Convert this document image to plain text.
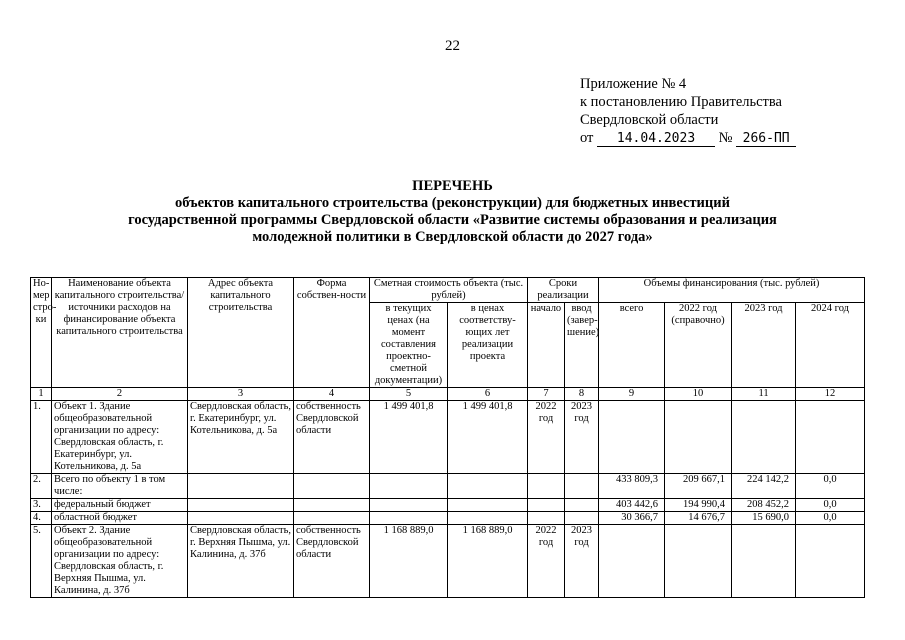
22
Приложение № 4
к постановлению Правительства
Свердловской области
от 14.04.2023 № 266-ПП
ПЕРЕЧЕНЬ
объектов капитального строительства (реконструкции) для бюджетных инвестиций
государственной программы Свердловской области «Развитие системы образования и реализация
молодежной политики в Свердловской области до 2027 года»
Но-мер стро-ки	Наименование объекта капитального строительства/источники расходов на финансирование объекта капитального строительства	Адрес объекта капитального строительства	Форма собствен-ности	Сметная стоимость объекта (тыс. рублей)		Сроки реализации		Объемы финансирования (тыс. рублей)			
				в текущих ценах (на момент составления проектно-сметной документации)	в ценах соответству-ющих лет реализации проекта	начало	ввод (завер-шение)	всего	2022 год (справочно)	2023 год	2024 год
1	2	3	4	5	6	7	8	9	10	11	12
1.	Объект 1. Здание общеобразовательной организации по адресу: Свердловская область, г. Екатеринбург, ул. Котельникова, д. 5а	Свердловская область, г. Екатеринбург, ул. Котельникова, д. 5а	собственность Свердловской области	1 499 401,8	1 499 401,8	2022 год	2023 год				
2.	Всего по объекту 1 в том числе:							433 809,3	209 667,1	224 142,2	0,0
3.	федеральный бюджет							403 442,6	194 990,4	208 452,2	0,0
4.	областной бюджет							30 366,7	14 676,7	15 690,0	0,0
5.	Объект 2. Здание общеобразовательной организации по адресу: Свердловская область, г. Верхняя Пышма, ул. Калинина, д. 37б	Свердловская область, г. Верхняя Пышма, ул. Калинина, д. 37б	собственность Свердловской области	1 168 889,0	1 168 889,0	2022 год	2023 год				
